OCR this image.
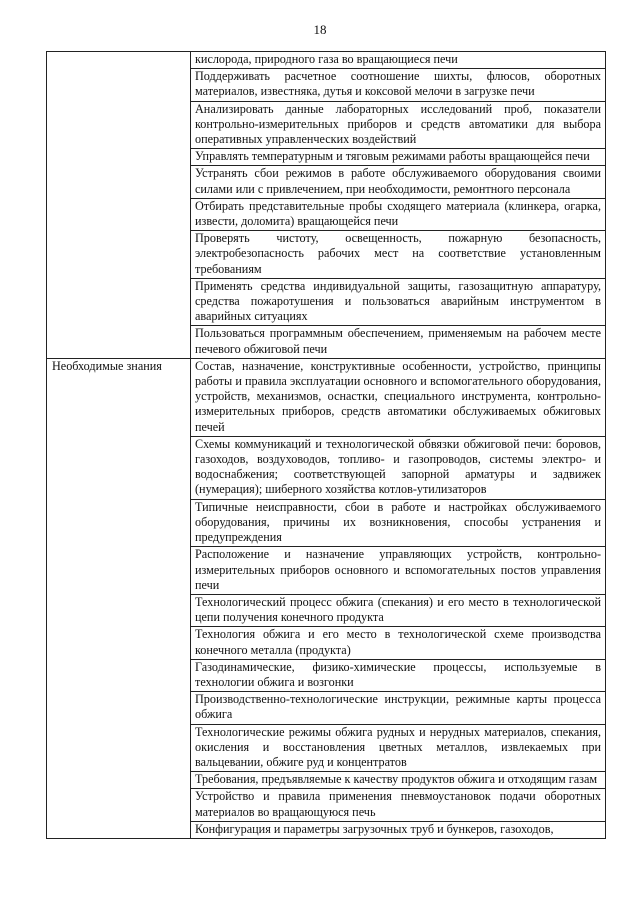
18
	кислорода, природного газа во вращающиеся печи
	Поддерживать расчетное соотношение шихты, флюсов, оборотных материалов, известняка, дутья и коксовой мелочи в загрузке печи
	Анализировать данные лабораторных исследований проб, показатели контрольно-измерительных приборов и средств автоматики для выбора оперативных управленческих воздействий
	Управлять температурным и тяговым режимами работы вращающейся печи
	Устранять сбои режимов в работе обслуживаемого оборудования своими силами или с привлечением, при необходимости, ремонтного персонала
	Отбирать представительные пробы сходящего материала (клинкера, огарка, извести, доломита) вращающейся печи
	Проверять чистоту, освещенность, пожарную безопасность, электробезопасность рабочих мест на соответствие установленным требованиям
	Применять средства индивидуальной защиты, газозащитную аппаратуру, средства пожаротушения и пользоваться аварийным инструментом в аварийных ситуациях
	Пользоваться программным обеспечением, применяемым на рабочем месте печевого обжиговой печи
Необходимые знания	Состав, назначение, конструктивные особенности, устройство, принципы работы и правила эксплуатации основного и вспомогательного оборудования, устройств, механизмов, оснастки, специального инструмента, контрольно-измерительных приборов, средств автоматики обслуживаемых обжиговых печей
	Схемы коммуникаций и технологической обвязки обжиговой печи: боровов, газоходов, воздуховодов, топливо- и газопроводов, системы электро- и водоснабжения; соответствующей запорной арматуры и задвижек (нумерация); шиберного хозяйства котлов-утилизаторов
	Типичные неисправности, сбои в работе и настройках обслуживаемого оборудования, причины их возникновения, способы устранения и предупреждения
	Расположение и назначение управляющих устройств, контрольно-измерительных приборов основного и вспомогательных постов управления печи
	Технологический процесс обжига (спекания) и его место в технологической цепи получения конечного продукта
	Технология обжига и его место в технологической схеме производства конечного металла (продукта)
	Газодинамические, физико-химические процессы, используемые в технологии обжига и возгонки
	Производственно-технологические инструкции, режимные карты процесса обжига
	Технологические режимы обжига рудных и нерудных материалов, спекания, окисления и восстановления цветных металлов, извлекаемых при вальцевании, обжиге руд и концентратов
	Требования, предъявляемые к качеству продуктов обжига и отходящим газам
	Устройство и правила применения пневмоустановок подачи оборотных материалов во вращающуюся печь
	Конфигурация и параметры загрузочных труб и бункеров, газоходов,
